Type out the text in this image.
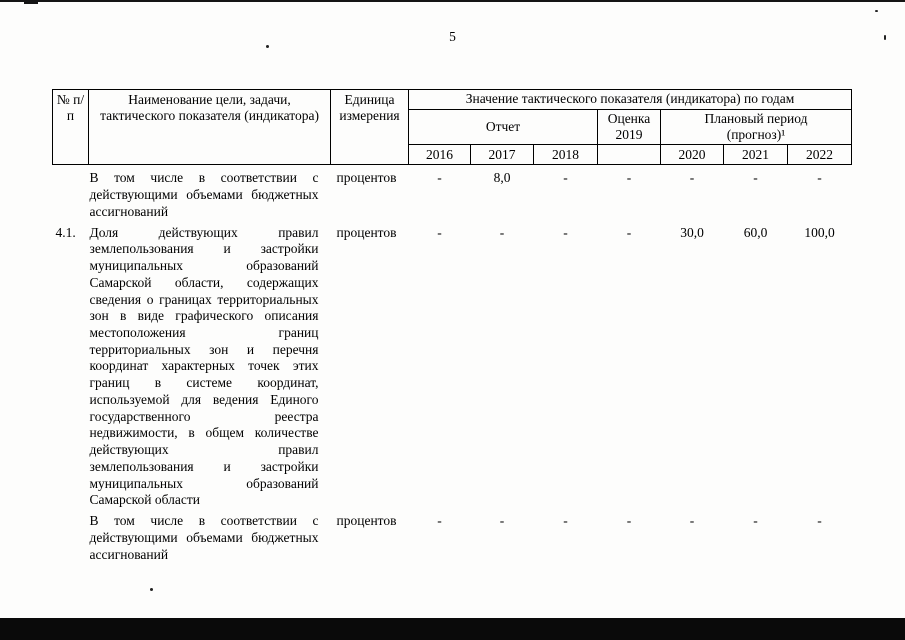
5
№ п/п	Наименование цели, задачи, тактического показателя (индикатора)	Единица измерения	Значение тактического показателя (индикатора) по годам						
			Отчет			Оценка 2019	Плановый период (прогноз)¹		
			2016	2017	2018		2020	2021	2022
	В том числе в соответствии с действующими объемами бюджетных ассигнований	процентов	-	8,0	-	-	-	-	-
4.1.	Доля действующих правил землепользования и застройки муниципальных образований Самарской области, содержащих сведения о границах территориальных зон в виде графического описания местоположения границ территориальных зон и перечня координат характерных точек этих границ в системе координат, используемой для ведения Единого государственного реестра недвижимости, в общем количестве действующих правил землепользования и застройки муниципальных образований Самарской области	процентов	-	-	-	-	30,0	60,0	100,0
	В том числе в соответствии с действующими объемами бюджетных ассигнований	процентов	-	-	-	-	-	-	-
